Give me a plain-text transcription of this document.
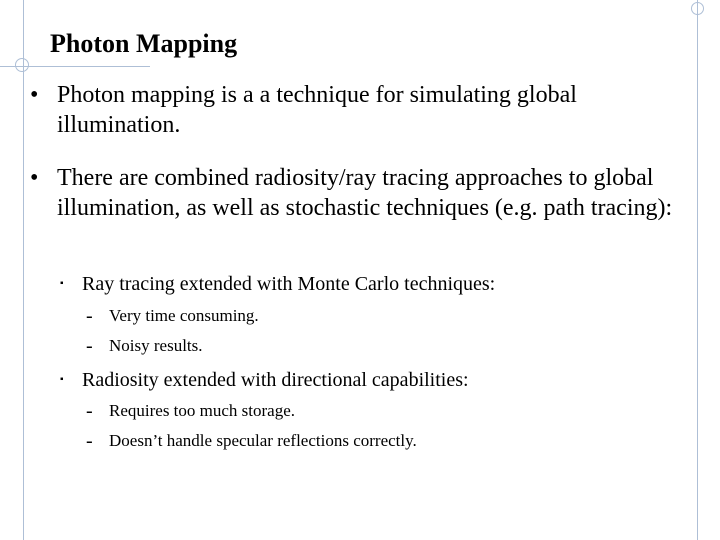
Photon Mapping
• Photon mapping is a a technique for simulating global illumination.
• There are combined radiosity/ray tracing approaches to global illumination, as well as stochastic techniques (e.g. path tracing):
▪ Ray tracing extended with Monte Carlo techniques:
- Very time consuming.
- Noisy results.
▪ Radiosity extended with directional capabilities:
- Requires too much storage.
- Doesn’t handle specular reflections correctly.
